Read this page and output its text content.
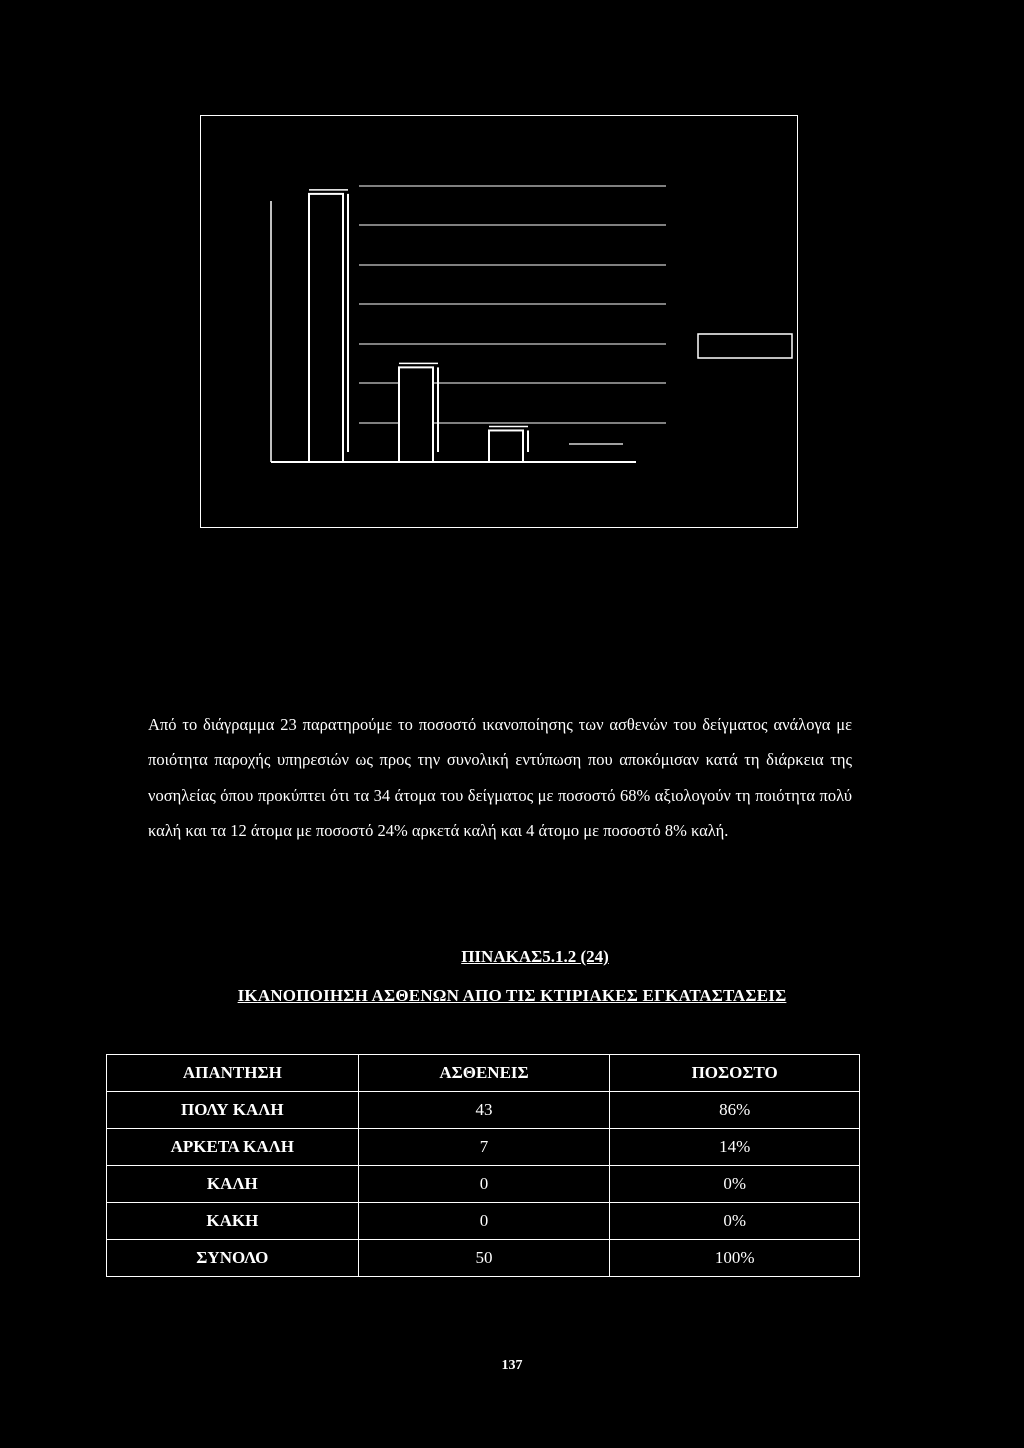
Από το διάγραμμα 23 παρατηρούμε το ποσοστό ικανοποίησης των ασθενών του δείγματος ανάλογα με ποιότητα παροχής υπηρεσιών ως προς την συνολική εντύπωση που αποκόμισαν κατά τη διάρκεια της νοσηλείας όπου προκύπτει ότι τα 34 άτομα του δείγματος με ποσοστό 68% αξιολογούν τη ποιότητα πολύ καλή και τα 12 άτομα με ποσοστό 24% αρκετά καλή και 4 άτομο με ποσοστό 8% καλή.

ΠΙΝΑΚΑΣ5.1.2 (24)
ΙΚΑΝΟΠΟΙΗΣΗ ΑΣΘΕΝΩΝ ΑΠΟ ΤΙΣ ΚΤΙΡΙΑΚΕΣ ΕΓΚΑΤΑΣΤΑΣΕΙΣ
ΑΠΑΝΤΗΣΗ	ΑΣΘΕΝΕΙΣ	ΠΟΣΟΣΤΟ
ΠΟΛΥ ΚΑΛΗ	43	86%
ΑΡΚΕΤΑ ΚΑΛΗ	7	14%
ΚΑΛΗ	0	0%
ΚΑΚΗ	0	0%
ΣΥΝΟΛΟ	50	100%
137
